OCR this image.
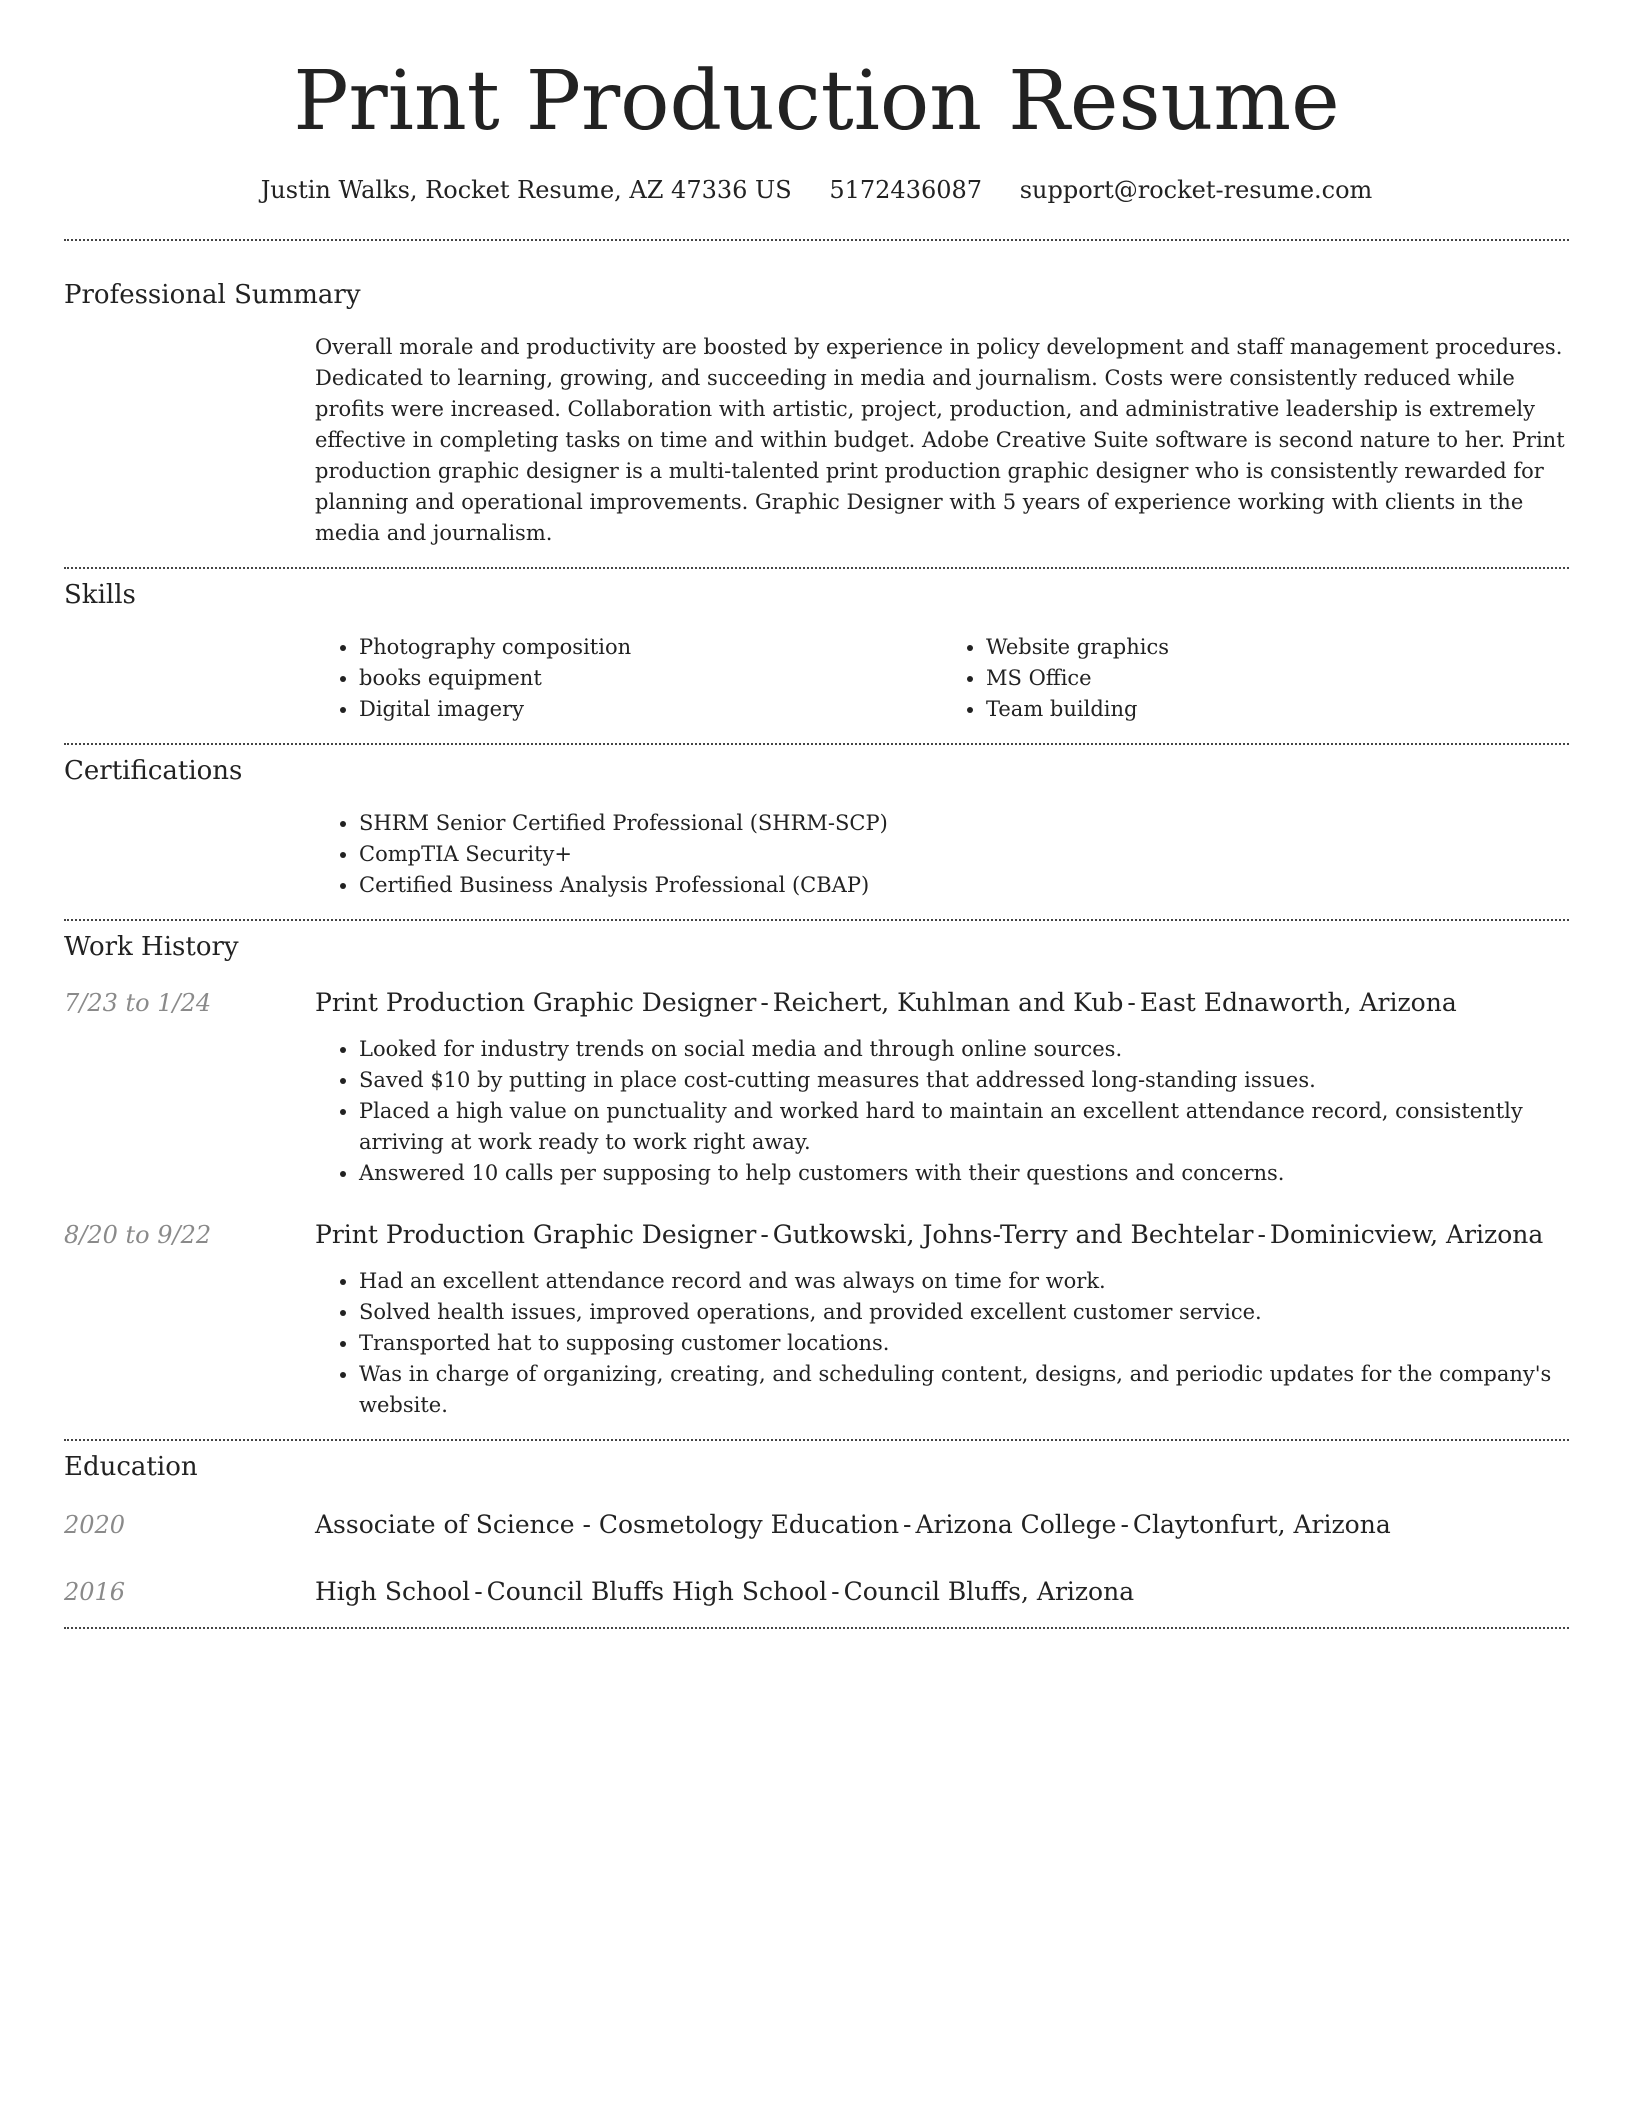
Print Production Resume
Justin Walks, Rocket Resume, AZ 47336 US 5172436087 support@rocket-resume.com
Professional Summary

Overall morale and productivity are boosted by experience in policy development and staff management procedures. Dedicated to learning, growing, and succeeding in media and journalism. Costs were consistently reduced while profits were increased. Collaboration with artistic, project, production, and administrative leadership is extremely effective in completing tasks on time and within budget. Adobe Creative Suite software is second nature to her. Print production graphic designer is a multi-talented print production graphic designer who is consistently rewarded for planning and operational improvements. Graphic Designer with 5 years of experience working with clients in the media and journalism.

Skills
• Photography composition
• books equipment
• Digital imagery
• Website graphics
• MS Office
• Team building
Certifications
• SHRM Senior Certified Professional (SHRM-SCP)
• CompTIA Security+
• Certified Business Analysis Professional (CBAP)
Work History
7/23 to 1/24	Print Production Graphic Designer - Reichert, Kuhlman and Kub - East Ednaworth, Arizona
• Looked for industry trends on social media and through online sources.
• Saved $10 by putting in place cost-cutting measures that addressed long-standing issues.
• Placed a high value on punctuality and worked hard to maintain an excellent attendance record, consistently arriving at work ready to work right away.
• Answered 10 calls per supposing to help customers with their questions and concerns.
8/20 to 9/22	Print Production Graphic Designer - Gutkowski, Johns-Terry and Bechtelar - Dominicview, Arizona
• Had an excellent attendance record and was always on time for work.
• Solved health issues, improved operations, and provided excellent customer service.
• Transported hat to supposing customer locations.
• Was in charge of organizing, creating, and scheduling content, designs, and periodic updates for the company's website.
Education
2020	Associate of Science - Cosmetology Education - Arizona College - Claytonfurt, Arizona
2016	High School - Council Bluffs High School - Council Bluffs, Arizona
